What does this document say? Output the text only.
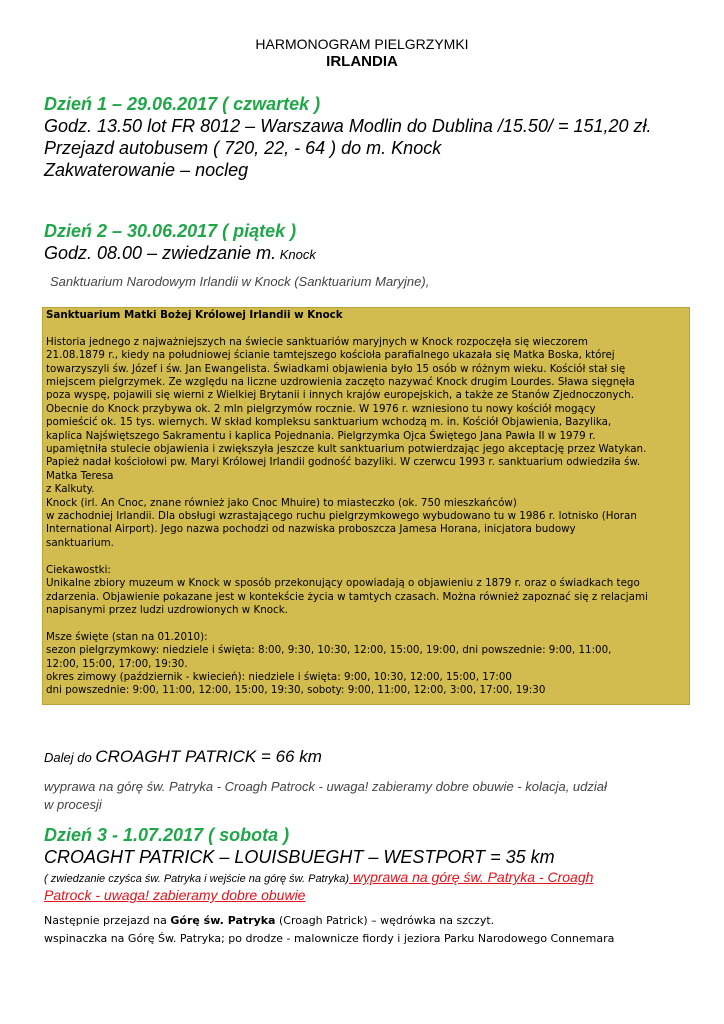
HARMONOGRAM PIELGRZYMKI
IRLANDIA
Dzień 1 – 29.06.2017 ( czwartek )
Godz. 13.50 lot FR 8012 – Warszawa Modlin do Dublina /15.50/ = 151,20 zł.
Przejazd autobusem ( 720, 22, - 64 ) do m. Knock
Zakwaterowanie – nocleg
Dzień 2 – 30.06.2017 ( piątek )
Godz. 08.00 – zwiedzanie m. Knock
Sanktuarium Narodowym Irlandii w Knock (Sanktuarium Maryjne),
Sanktuarium Matki Bożej Królowej Irlandii w Knock
Historia jednego z najważniejszych na świecie sanktuariów maryjnych w Knock rozpoczęła się wieczorem
21.08.1879 r., kiedy na południowej ścianie tamtejszego kościoła parafialnego ukazała się Matka Boska, której
towarzyszyli św. Józef i św. Jan Ewangelista. Świadkami objawienia było 15 osób w różnym wieku. Kościół stał się
miejscem pielgrzymek. Ze względu na liczne uzdrowienia zaczęto nazywać Knock drugim Lourdes. Sława sięgnęła
poza wyspę, pojawili się wierni z Wielkiej Brytanii i innych krajów europejskich, a także ze Stanów Zjednoczonych.
Obecnie do Knock przybywa ok. 2 mln pielgrzymów rocznie. W 1976 r. wzniesiono tu nowy kościół mogący
pomieścić ok. 15 tys. wiernych. W skład kompleksu sanktuarium wchodzą m. in. Kościół Objawienia, Bazylika,
kaplica Najświętszego Sakramentu i kaplica Pojednania. Pielgrzymka Ojca Świętego Jana Pawła II w 1979 r.
upamiętniła stulecie objawienia i zwiększyła jeszcze kult sanktuarium potwierdzając jego akceptację przez Watykan.
Papież nadał kościołowi pw. Maryi Królowej Irlandii godność bazyliki. W czerwcu 1993 r. sanktuarium odwiedziła św.
Matka Teresa
z Kalkuty.
Knock (irl. An Cnoc, znane również jako Cnoc Mhuire) to miasteczko (ok. 750 mieszkańców)
w zachodniej Irlandii. Dla obsługi wzrastającego ruchu pielgrzymkowego wybudowano tu w 1986 r. lotnisko (Horan
International Airport). Jego nazwa pochodzi od nazwiska proboszcza Jamesa Horana, inicjatora budowy
sanktuarium.
Ciekawostki:
Unikalne zbiory muzeum w Knock w sposób przekonujący opowiadają o objawieniu z 1879 r. oraz o świadkach tego
zdarzenia. Objawienie pokazane jest w kontekście życia w tamtych czasach. Można również zapoznać się z relacjami
napisanymi przez ludzi uzdrowionych w Knock.
Msze święte (stan na 01.2010):
sezon pielgrzymkowy: niedziele i święta: 8:00, 9:30, 10:30, 12:00, 15:00, 19:00, dni powszednie: 9:00, 11:00,
12:00, 15:00, 17:00, 19:30.
okres zimowy (październik - kwiecień): niedziele i święta: 9:00, 10:30, 12:00, 15:00, 17:00
dni powszednie: 9:00, 11:00, 12:00, 15:00, 19:30, soboty: 9:00, 11:00, 12:00, 3:00, 17:00, 19:30
Dalej do CROAGHT PATRICK = 66 km
wyprawa na górę św. Patryka - Croagh Patrock - uwaga! zabieramy dobre obuwie - kolacja, udział
w procesji
Dzień 3 - 1.07.2017 ( sobota )
CROAGHT PATRICK – LOUISBUEGHT – WESTPORT = 35 km
( zwiedzanie czyśca św. Patryka i wejście na górę św. Patryka) wyprawa na górę św. Patryka - Croagh
Patrock - uwaga! zabieramy dobre obuwie
Następnie przejazd na Górę św. Patryka (Croagh Patrick) – wędrówka na szczyt.
wspinaczka na Górę Św. Patryka; po drodze - malownicze fiordy i jeziora Parku Narodowego Connemara
